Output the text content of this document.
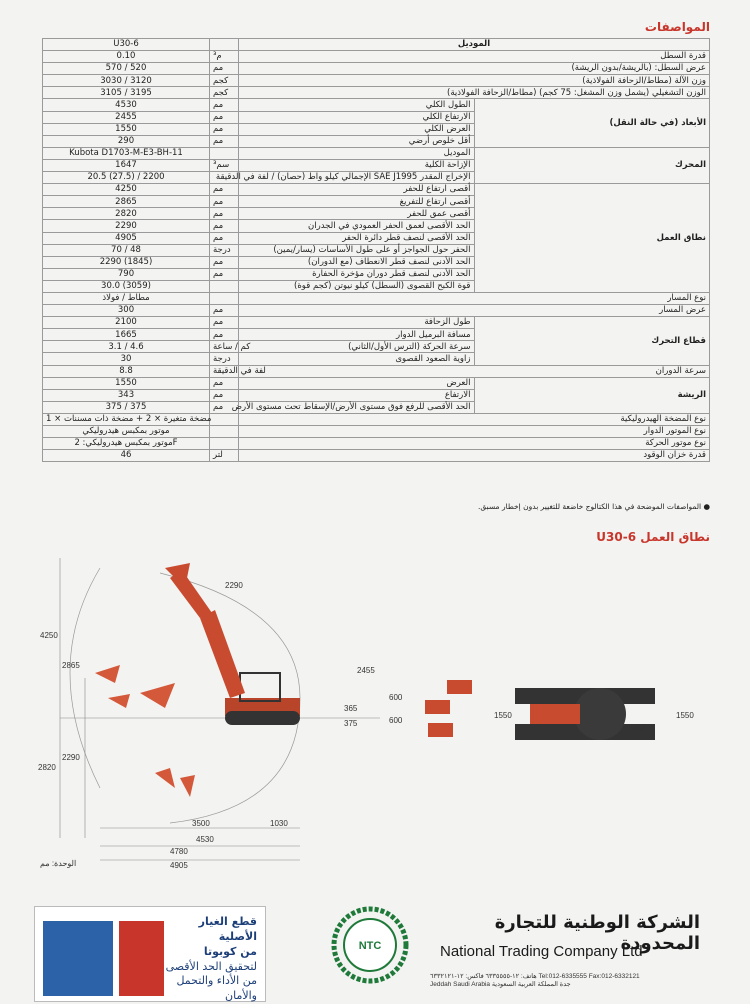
المواصفات
U30-6		الموديل	
0.10	م³	قدرة السطل	
570 / 520	مم	عرض السطل: (بالريشة/بدون الريشة)	
3030 / 3120	كجم	وزن الآلة (مطاط/الزحافة الفولاذية)	
3105 / 3195	كجم	الوزن التشغيلي (يشمل وزن المشغل: 75 كجم) (مطاط/الزحافة الفولاذية)	
4530	مم	الطول الكلي	الأبعاد (في حالة النقل)
2455	مم	الارتفاع الكلي	
1550	مم	العرض الكلي	
290	مم	أقل خلوص أرضي	
Kubota D1703-M-E3-BH-11		الموديل	المحرك
1647	سم³	الإزاحة الكلية	
20.5 (27.5) / 2200		الإخراج المقدر SAE J1995 الإجمالي كيلو واط (حصان) / لفة في الدقيقة	
4250	مم	أقصى ارتفاع للحفر	نطاق العمل
2865	مم	أقصى ارتفاع للتفريغ	
2820	مم	أقصى عمق للحفر	
2290	مم	الحد الأقصى لعمق الحفر العمودي في الجدران	
4905	مم	الحد الأقصى لنصف قطر دائرة الحفر	
70 / 48	درجة	الحفر حول الجواجز أو على طول الأساسات (يسار/يمين)	
2290 (1845)	مم	الحد الأدنى لنصف قطر الانعطاف (مع الدوران)	
790	مم	الحد الأدنى لنصف قطر دوران مؤخرة الحفارة	
30.0 (3059)		قوة الكبح القصوى (السطل) كيلو نيوتن (كجم قوة)	
مطاط / فولاذ		نوع المسار	
300	مم	عرض المسار	
2100	مم	طول الزحافة	قطاع التحرك
1665	مم	مسافة البرميل الدوار	
3.1 / 4.6	كم / ساعة	سرعة الحركة (الترس الأول/الثاني)	
30	درجة	زاوية الصعود القصوى	
8.8	لفة في الدقيقة	سرعة الدوران	
1550	مم	العرض	الريشة
343	مم	الارتفاع	
375 / 375	مم	الحد الأقصى للرفع فوق مستوى الأرض/الإسقاط تحت مستوى الأرض	
مضخة متغيرة × 2 + مضخة ذات مسننات × 1		نوع المضخة الهيدروليكية	
موتور بمكبس هيدروليكي		نوع الموتور الدوار	
موتور بمكبس هيدروليكي: 2F		نوع موتور الحركة	
46	لتر	قدرة خزان الوقود	
● المواصفات الموضحة في هذا الكتالوج خاضعة للتغيير بدون إخطار مسبق.
نطاق العمل U30-6
2290
4250
2865
2455
365
375
2290
2820
3500	1030
4530
4780
4905
600
600
1550	1550
790
الوحدة: مم
قطع الغيار الأصلية
من كوبوتا
لتحقيق الحد الأقصى
من الأداء والتحمل
والأمان
NTC
الشركة الوطنية للتجارة المحدودة
National Trading Company Ltd
هاتف: ١٢-٦٣٣٥٥٥٥ فاكس: ١٢-٦٣٣٢١٢١ Tel:012-6335555 Fax:012-6332121
Jeddah Saudi Arabia جدة المملكة العربية السعودية
